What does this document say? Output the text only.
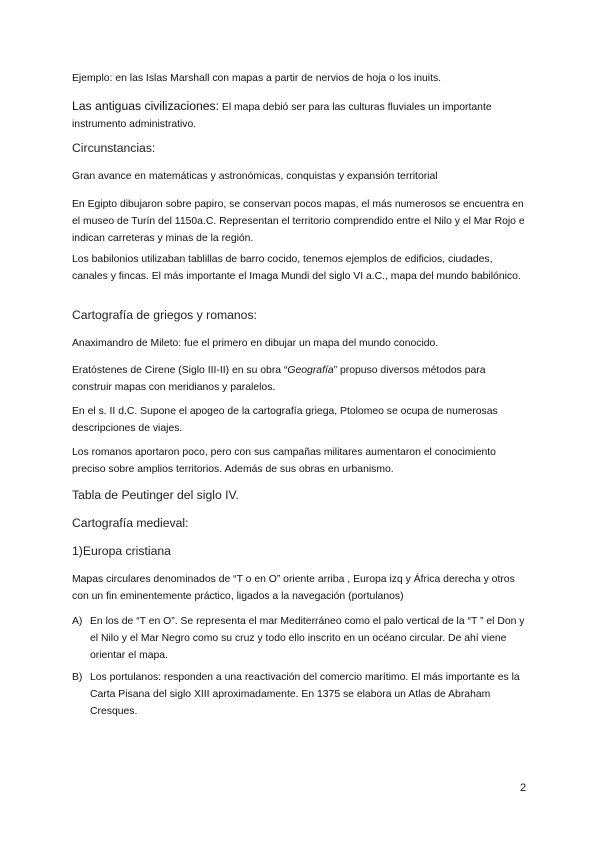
Ejemplo: en las Islas Marshall con mapas a partir de nervios de hoja o los inuits.

Las antiguas civilizaciones: El mapa debió ser para las culturas fluviales un importante instrumento administrativo.

Circunstancias:

Gran avance en matemáticas y astronómicas, conquistas y expansión territorial

En Egipto dibujaron sobre papiro, se conservan pocos mapas, el más numerosos se encuentra en el museo de Turín del 1150a.C. Representan el territorio comprendido entre el Nilo y el Mar Rojo e indican carreteras y minas de la región.

Los babilonios utilizaban tablillas de barro cocido, tenemos ejemplos de edificios, ciudades, canales y fincas. El más importante el Imaga Mundi del siglo VI a.C., mapa del mundo babilónico.

Cartografía de griegos y romanos:

Anaximandro de Mileto: fue el primero en dibujar un mapa del mundo conocido.

Eratóstenes de Cirene (Siglo III-II) en su obra “Geografía” propuso diversos métodos para construir mapas con meridianos y paralelos.

En el s. II d.C. Supone el apogeo de la cartografía griega, Ptolomeo se ocupa de numerosas descripciones de viajes.

Los romanos aportaron poco, pero con sus campañas militares aumentaron el conocimiento preciso sobre amplios territorios. Además de sus obras en urbanismo.

Tabla de Peutinger del siglo IV.

Cartografía medieval:

1)Europa cristiana

Mapas circulares denominados de “T o en O” oriente arriba , Europa izq y África derecha y otros con un fin eminentemente práctico, ligados a la navegación (portulanos)

A) En los de “T en O”. Se representa el mar Mediterráneo como el palo vertical de la “T ” el Don y el Nilo y el Mar Negro como su cruz y todo ello inscrito en un océano circular. De ahí viene orientar el mapa.
B) Los portulanos: responden a una reactivación del comercio marítimo. El más importante es la Carta Pisana del siglo XIII aproximadamente. En 1375 se elabora un Atlas de Abraham Cresques.
2
